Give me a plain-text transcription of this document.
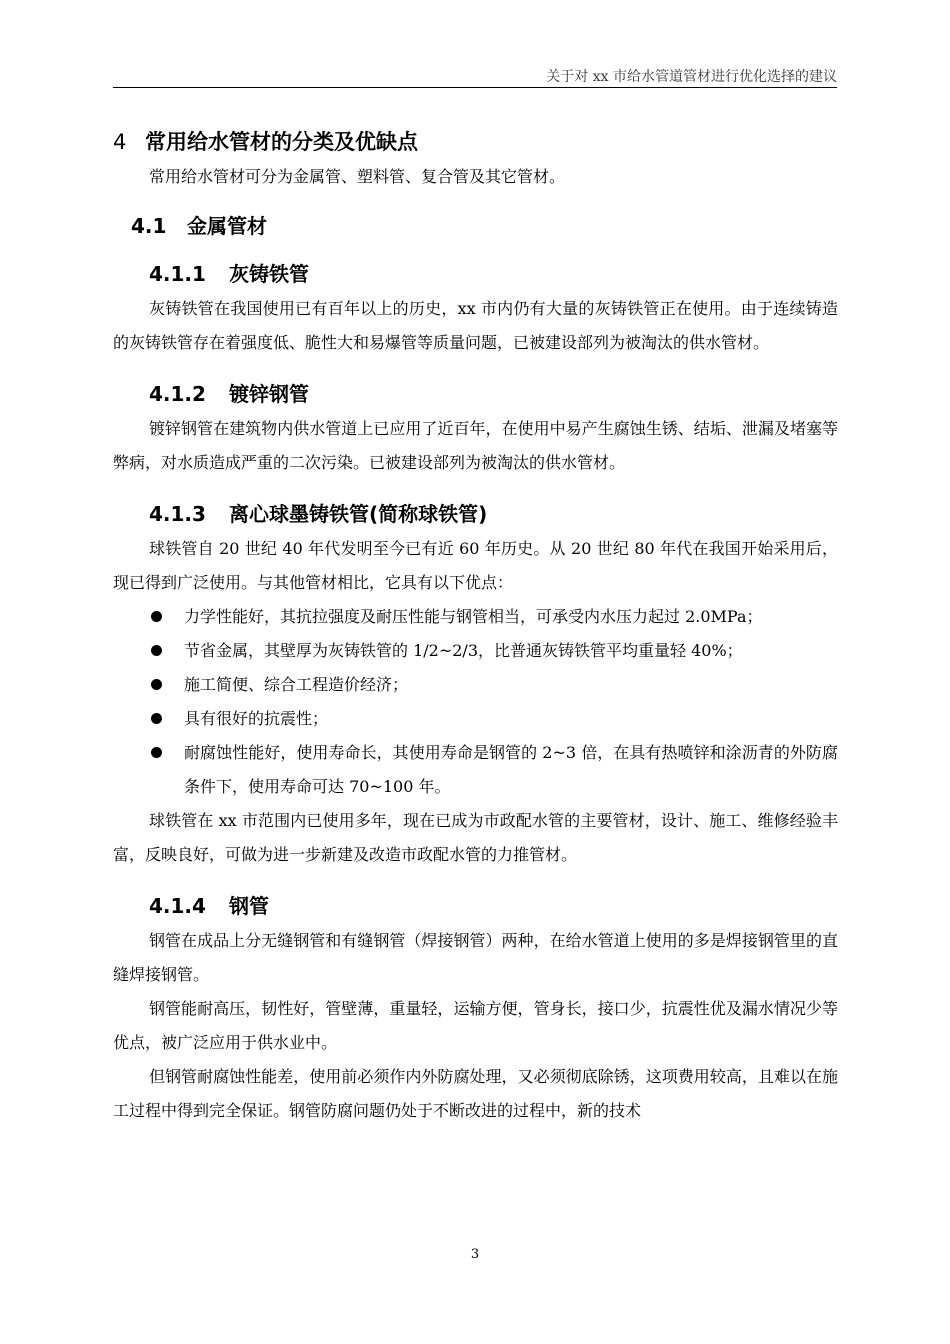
关于对 xx 市给水管道管材进行优化选择的建议
4 常用给水管材的分类及优缺点

常用给水管材可分为金属管、塑料管、复合管及其它管材。

4.1 金属管材
4.1.1 灰铸铁管

灰铸铁管在我国使用已有百年以上的历史，xx 市内仍有大量的灰铸铁管正在使用。由于连续铸造的灰铸铁管存在着强度低、脆性大和易爆管等质量问题，已被建设部列为被淘汰的供水管材。

4.1.2 镀锌钢管

镀锌钢管在建筑物内供水管道上已应用了近百年，在使用中易产生腐蚀生锈、结垢、泄漏及堵塞等弊病，对水质造成严重的二次污染。已被建设部列为被淘汰的供水管材。

4.1.3 离心球墨铸铁管(简称球铁管)

球铁管自 20 世纪 40 年代发明至今已有近 60 年历史。从 20 世纪 80 年代在我国开始采用后，现已得到广泛使用。与其他管材相比，它具有以下优点：

力学性能好，其抗拉强度及耐压性能与钢管相当，可承受内水压力起过 2.0MPa；
节省金属，其壁厚为灰铸铁管的 1/2~2/3，比普通灰铸铁管平均重量轻 40%；
施工简便、综合工程造价经济；
具有很好的抗震性；
耐腐蚀性能好，使用寿命长，其使用寿命是钢管的 2~3 倍，在具有热喷锌和涂沥青的外防腐条件下，使用寿命可达 70~100 年。

球铁管在 xx 市范围内已使用多年，现在已成为市政配水管的主要管材，设计、施工、维修经验丰富，反映良好，可做为进一步新建及改造市政配水管的力推管材。

4.1.4 钢管

钢管在成品上分无缝钢管和有缝钢管（焊接钢管）两种，在给水管道上使用的多是焊接钢管里的直缝焊接钢管。

钢管能耐高压，韧性好，管壁薄，重量轻，运输方便，管身长，接口少，抗震性优及漏水情况少等优点，被广泛应用于供水业中。

但钢管耐腐蚀性能差，使用前必须作内外防腐处理，又必须彻底除锈，这项费用较高，且难以在施工过程中得到完全保证。钢管防腐问题仍处于不断改进的过程中，新的技术

3
